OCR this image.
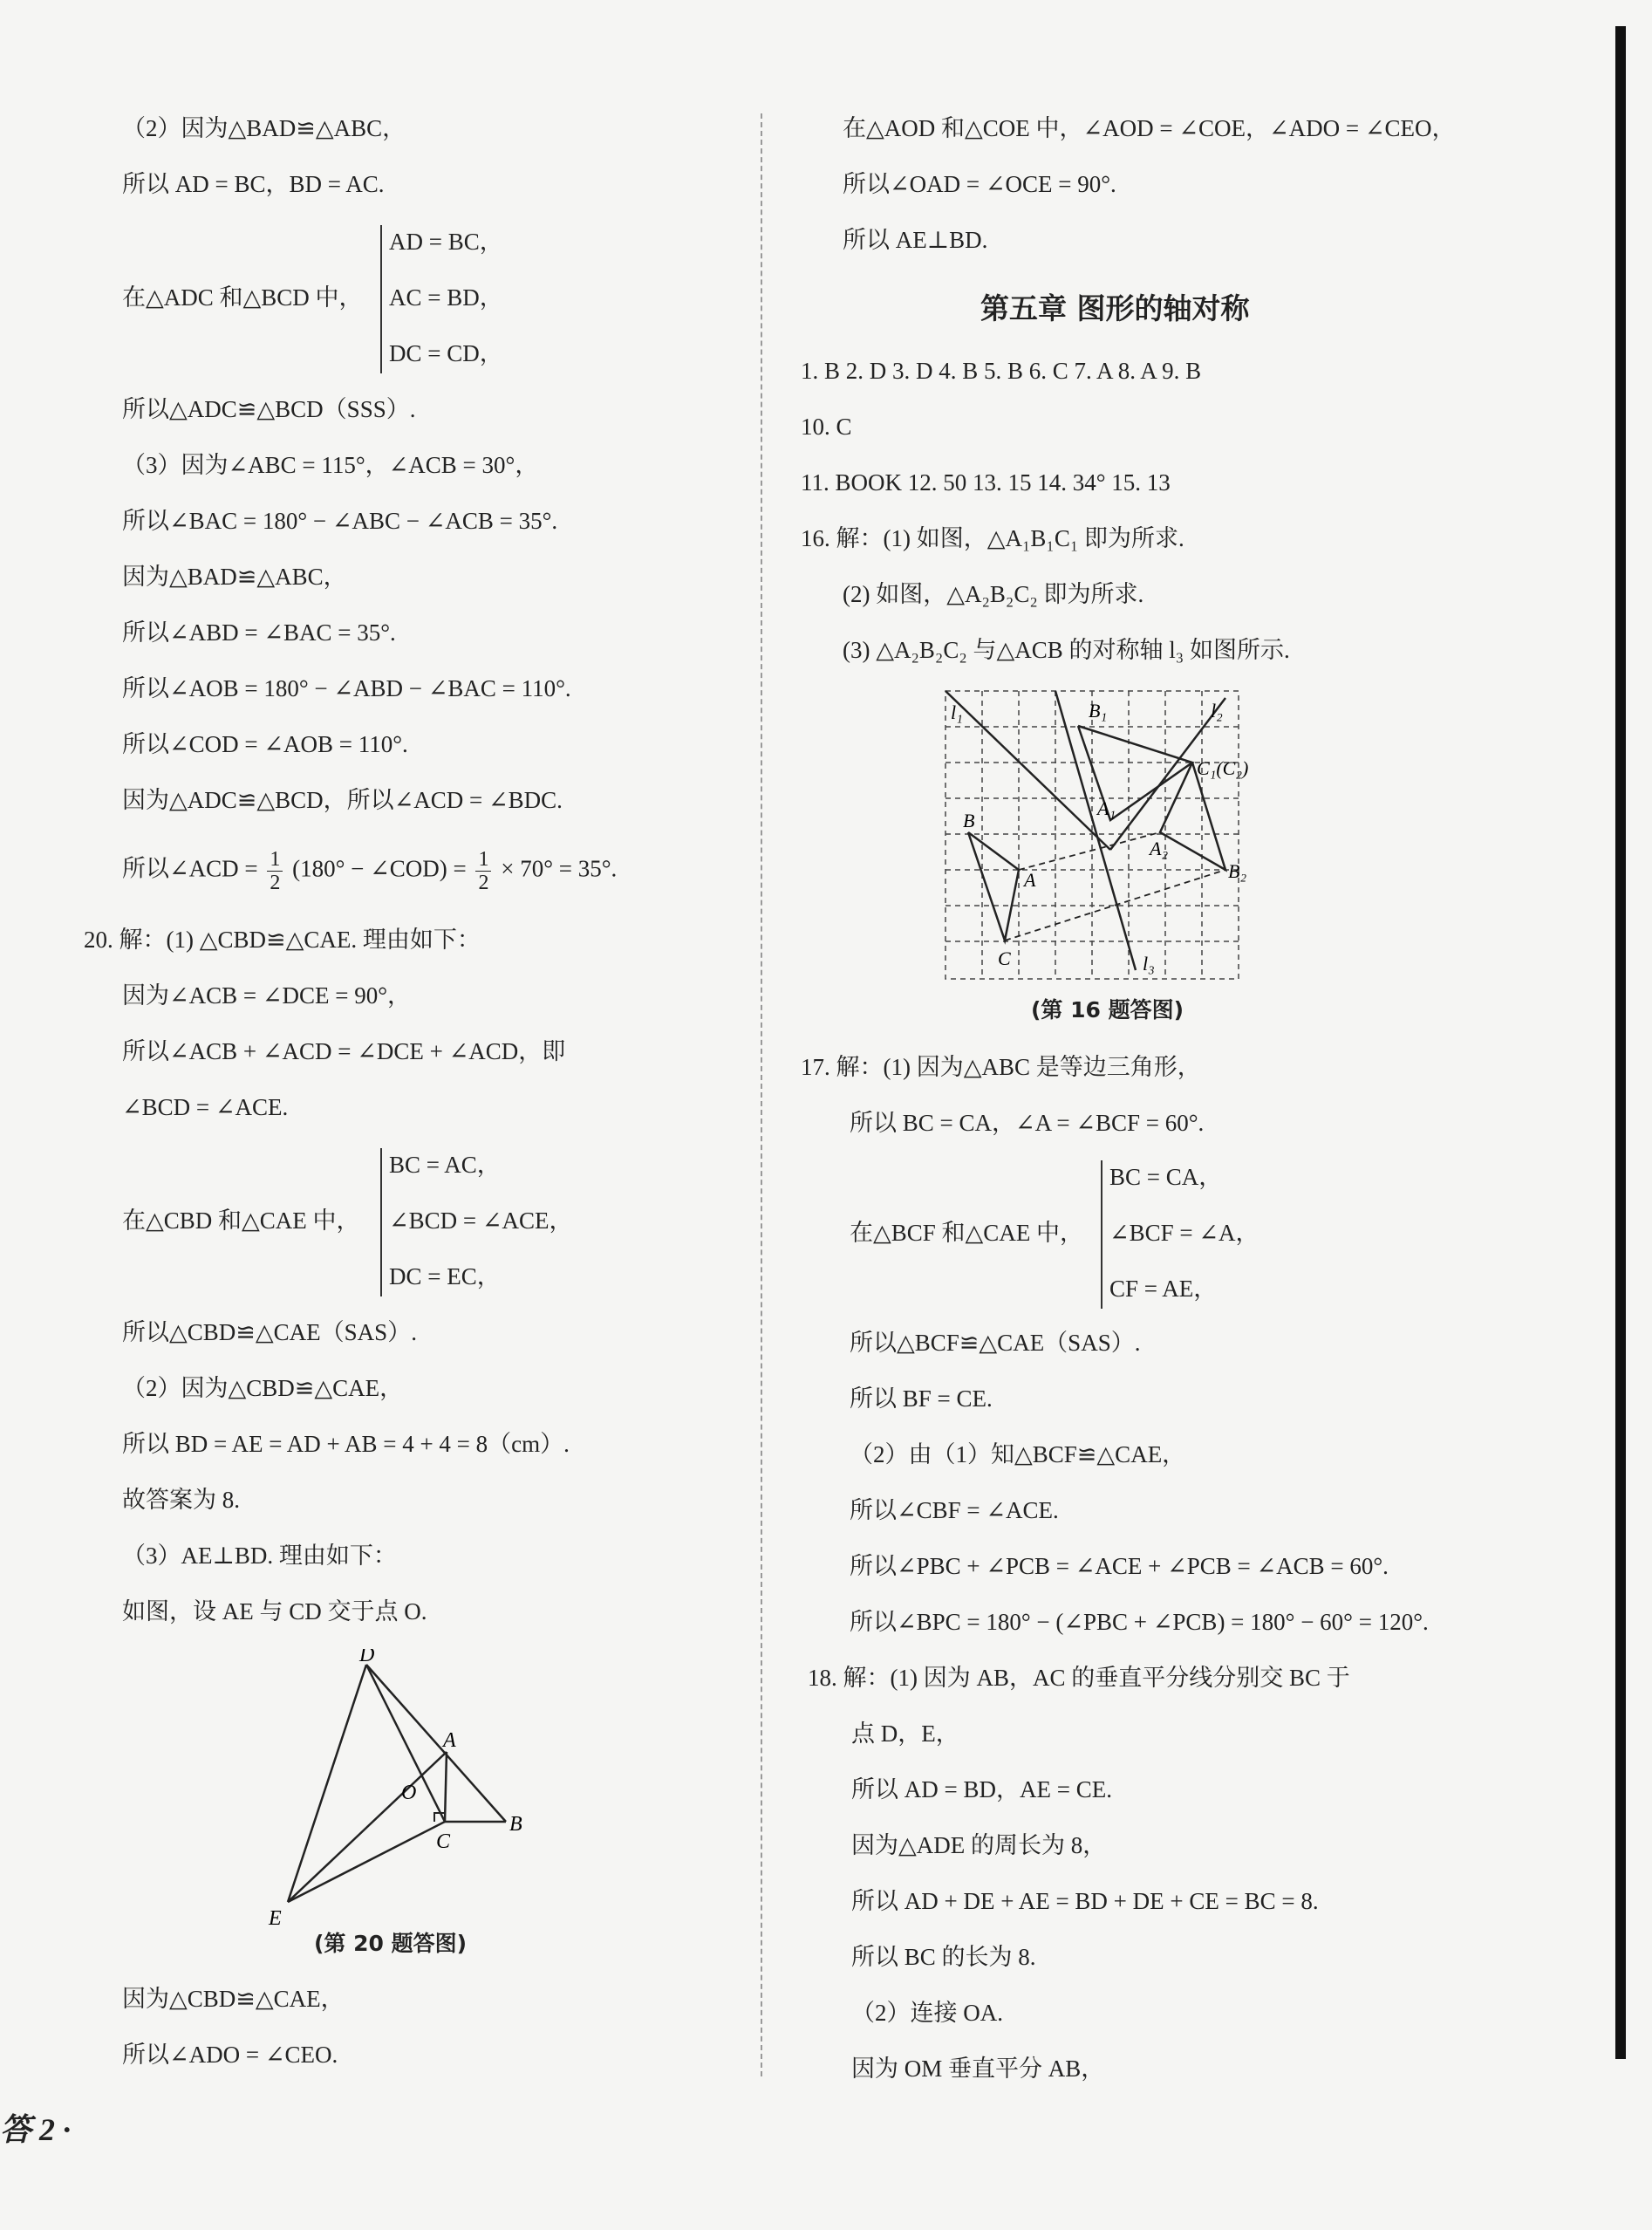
（2）因为△BAD≌△ABC，
所以 AD = BC，BD = AC.
在△ADC 和△BCD 中，
AD = BC，
AC = BD，
DC = CD，
所以△ADC≌△BCD（SSS）.
（3）因为∠ABC = 115°，∠ACB = 30°，
所以∠BAC = 180° − ∠ABC − ∠ACB = 35°.
因为△BAD≌△ABC，
所以∠ABD = ∠BAC = 35°.
所以∠AOB = 180° − ∠ABD − ∠BAC = 110°.
所以∠COD = ∠AOB = 110°.
因为△ADC≌△BCD，所以∠ACD = ∠BDC.
所以∠ACD = $\frac{1}{2} (180^\circ$ − ∠COD) = $\frac{1}{2} \times 70^\circ = 35^\circ$.
20. 解：(1) △CBD≌△CAE. 理由如下：
因为∠ACB = ∠DCE = 90°，
所以∠ACB + ∠ACD = ∠DCE + ∠ACD，即
∠BCD = ∠ACE.
在△CBD 和△CAE 中，
BC = AC，
∠BCD = ∠ACE，
DC = EC，
所以△CBD≌△CAE（SAS）.
（2）因为△CBD≌△CAE，
所以 BD = AE = AD + AB = 4 + 4 = 8（cm）.
故答案为 8.
（3）AE⊥BD. 理由如下：
如图，设 AE 与 CD 交于点 O.
D
A
O
C
B
E
(第 20 题答图)
因为△CBD≌△CAE，
所以∠ADO = ∠CEO.
答 2 ·
在△AOD 和△COE 中，∠AOD = ∠COE，∠ADO = ∠CEO，
所以∠OAD = ∠OCE = 90°.
所以 AE⊥BD.
第五章 图形的轴对称
1. B 2. D 3. D 4. B 5. B 6. C 7. A 8. A 9. B
10. C
11. BOOK 12. 50 13. 15 14. 34° 15. 13
16. 解：(1) 如图，△A₁B₁C₁ 即为所求.
(2) 如图，△A₂B₂C₂ 即为所求.
(3) △A₂B₂C₂ 与△ACB 的对称轴 l₃ 如图所示.
l₁	B₁	l₂
C₁(C₂)
B
A₁
A₂
B₂
A
C	l₃
(第 16 题答图)
17. 解：(1) 因为△ABC 是等边三角形，
所以 BC = CA，∠A = ∠BCF = 60°.
在△BCF 和△CAE 中，
BC = CA，
∠BCF = ∠A，
CF = AE，
所以△BCF≌△CAE（SAS）.
所以 BF = CE.
（2）由（1）知△BCF≌△CAE，
所以∠CBF = ∠ACE.
所以∠PBC + ∠PCB = ∠ACE + ∠PCB = ∠ACB = 60°.
所以∠BPC = 180° − (∠PBC + ∠PCB) = 180° − 60° = 120°.
18. 解：(1) 因为 AB，AC 的垂直平分线分别交 BC 于
点 D，E，
所以 AD = BD，AE = CE.
因为△ADE 的周长为 8，
所以 AD + DE + AE = BD + DE + CE = BC = 8.
所以 BC 的长为 8.
（2）连接 OA.
因为 OM 垂直平分 AB，
